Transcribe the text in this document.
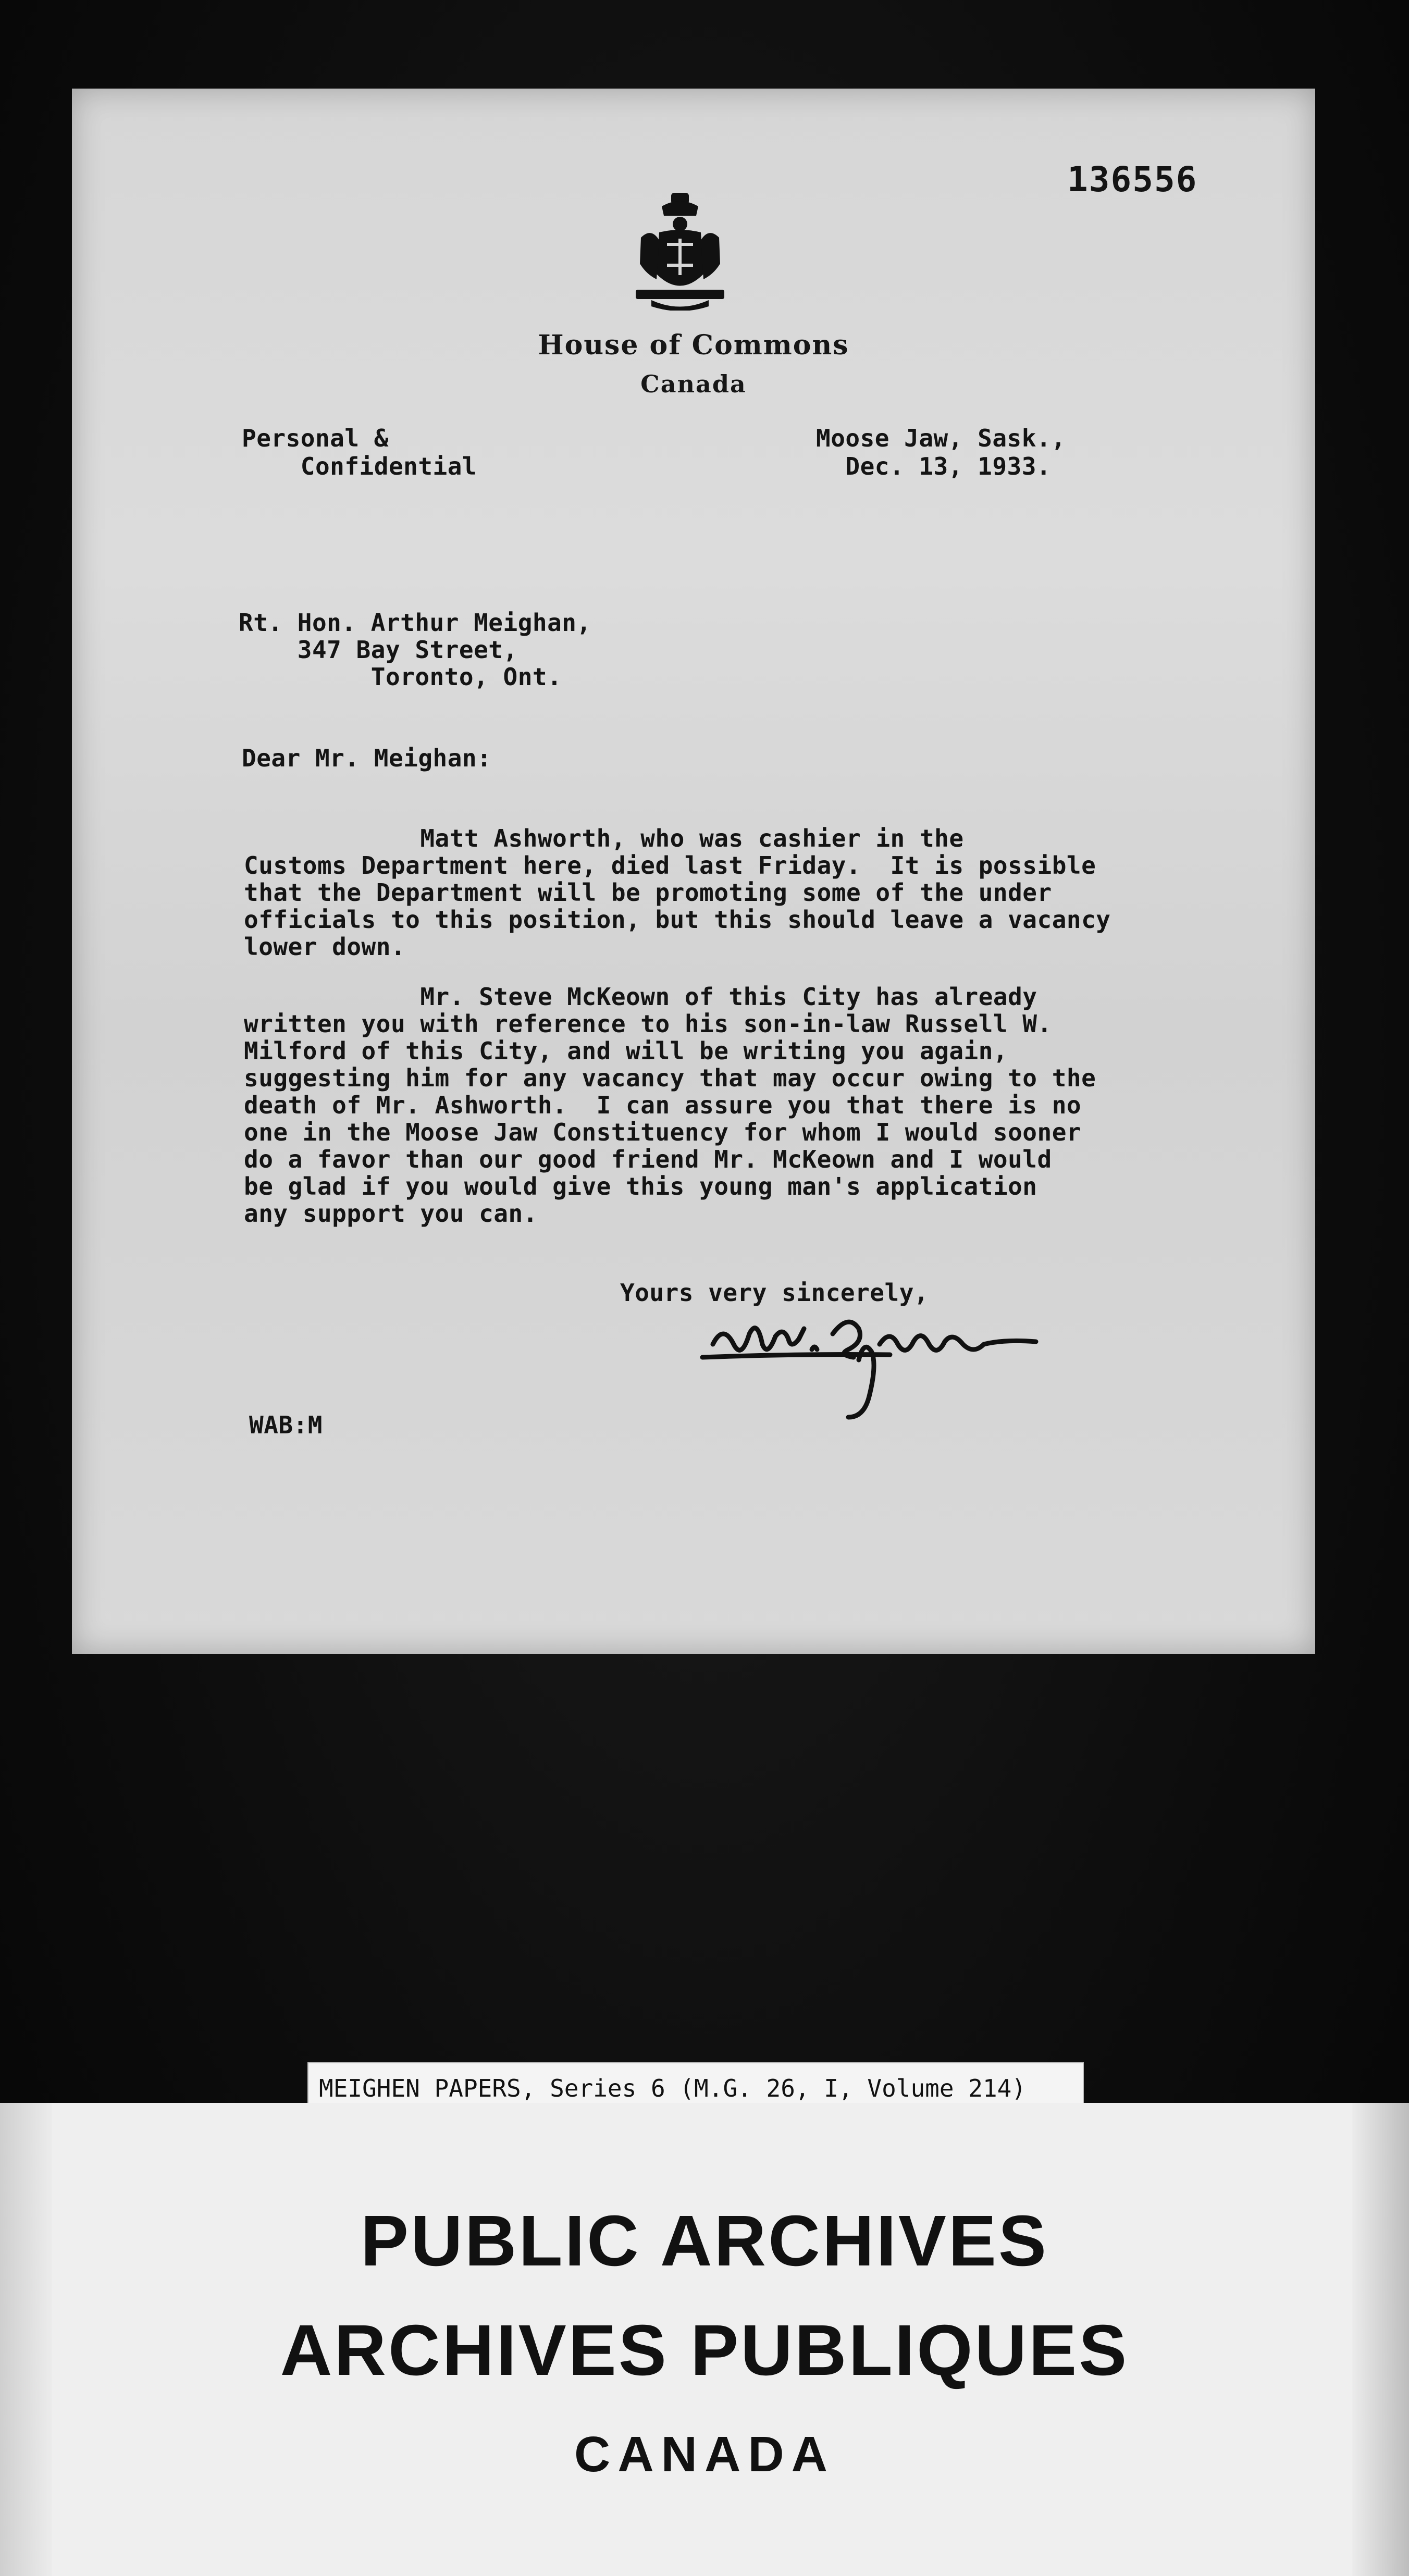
136556
House of Commons
Canada
Personal &
Confidential
Moose Jaw, Sask.,
Dec. 13, 1933.
Rt. Hon. Arthur Meighan,
347 Bay Street,
Toronto, Ont.
Dear Mr. Meighan:
Matt Ashworth, who was cashier in the
Customs Department here, died last Friday.  It is possible
that the Department will be promoting some of the under
officials to this position, but this should leave a vacancy
lower down.
Mr. Steve McKeown of this City has already
written you with reference to his son-in-law Russell W.
Milford of this City, and will be writing you again,
suggesting him for any vacancy that may occur owing to the
death of Mr. Ashworth.  I can assure you that there is no
one in the Moose Jaw Constituency for whom I would sooner
do a favor than our good friend Mr. McKeown and I would
be glad if you would give this young man's application
any support you can.
Yours very sincerely,
WAB:M
MEIGHEN PAPERS, Series 6 (M.G. 26, I, Volume 214)
PUBLIC ARCHIVES
ARCHIVES PUBLIQUES
CANADA
